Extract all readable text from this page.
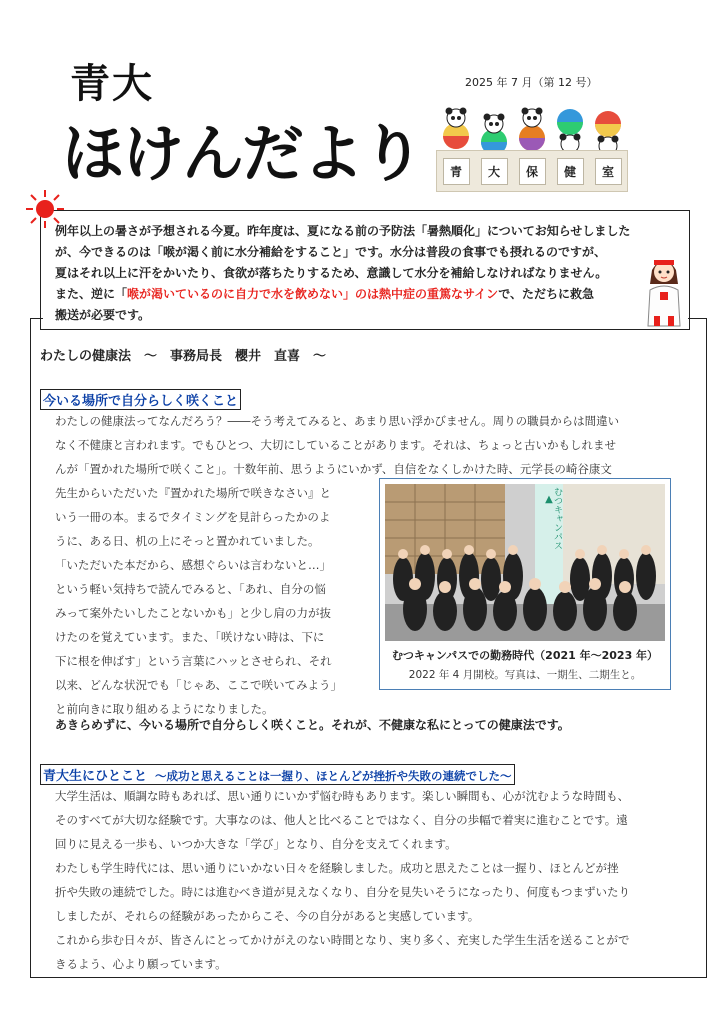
青大
ほけんだより
2025 年 7 月（第 12 号）
青	大	保	健	室

例年以上の暑さが予想される今夏。昨年度は、夏になる前の予防法「暑熱順化」についてお知らせしました

が、今できるのは「喉が渇く前に水分補給をすること」です。水分は普段の食事でも摂れるのですが、

夏はそれ以上に汗をかいたり、食欲が落ちたりするため、意識して水分を補給しなければなりません。

また、逆に「喉が渇いているのに自力で水を飲めない」のは熱中症の重篤なサインで、ただちに救急

搬送が必要です。

わたしの健康法　～　事務局長　櫻井　直喜　～
今いる場所で自分らしく咲くこと
わたしの健康法ってなんだろう？――そう考えてみると、あまり思い浮かびません。周りの職員からは間違い
なく不健康と言われます。でもひとつ、大切にしていることがあります。それは、ちょっと古いかもしれませ
んが「置かれた場所で咲くこと」。十数年前、思うようにいかず、自信をなくしかけた時、元学長の崎谷康文
先生からいただいた『置かれた場所で咲きなさい』と
いう一冊の本。まるでタイミングを見計らったかのよ
うに、ある日、机の上にそっと置かれていました。
「いただいた本だから、感想ぐらいは言わないと…」
という軽い気持ちで読んでみると、「あれ、自分の悩
みって案外たいしたことないかも」と少し肩の力が抜
けたのを覚えています。また、「咲けない時は、下に
下に根を伸ばす」という言葉にハッとさせられ、それ
以来、どんな状況でも「じゃあ、ここで咲いてみよう」
と前向きに取り組めるようになりました。
▲ むつキャンパス
むつキャンパスでの勤務時代（2021 年～2023 年）
2022 年 4 月開校。写真は、一期生、二期生と。
あきらめずに、今いる場所で自分らしく咲くこと。それが、不健康な私にとっての健康法です。
青大生にひとこと ～成功と思えることは一握り、ほとんどが挫折や失敗の連続でした～
大学生活は、順調な時もあれば、思い通りにいかず悩む時もあります。楽しい瞬間も、心が沈むような時間も、
そのすべてが大切な経験です。大事なのは、他人と比べることではなく、自分の歩幅で着実に進むことです。遠
回りに見える一歩も、いつか大きな「学び」となり、自分を支えてくれます。
わたしも学生時代には、思い通りにいかない日々を経験しました。成功と思えたことは一握り、ほとんどが挫
折や失敗の連続でした。時には進むべき道が見えなくなり、自分を見失いそうになったり、何度もつまずいたり
しましたが、それらの経験があったからこそ、今の自分があると実感しています。
これから歩む日々が、皆さんにとってかけがえのない時間となり、実り多く、充実した学生生活を送ることがで
きるよう、心より願っています。
